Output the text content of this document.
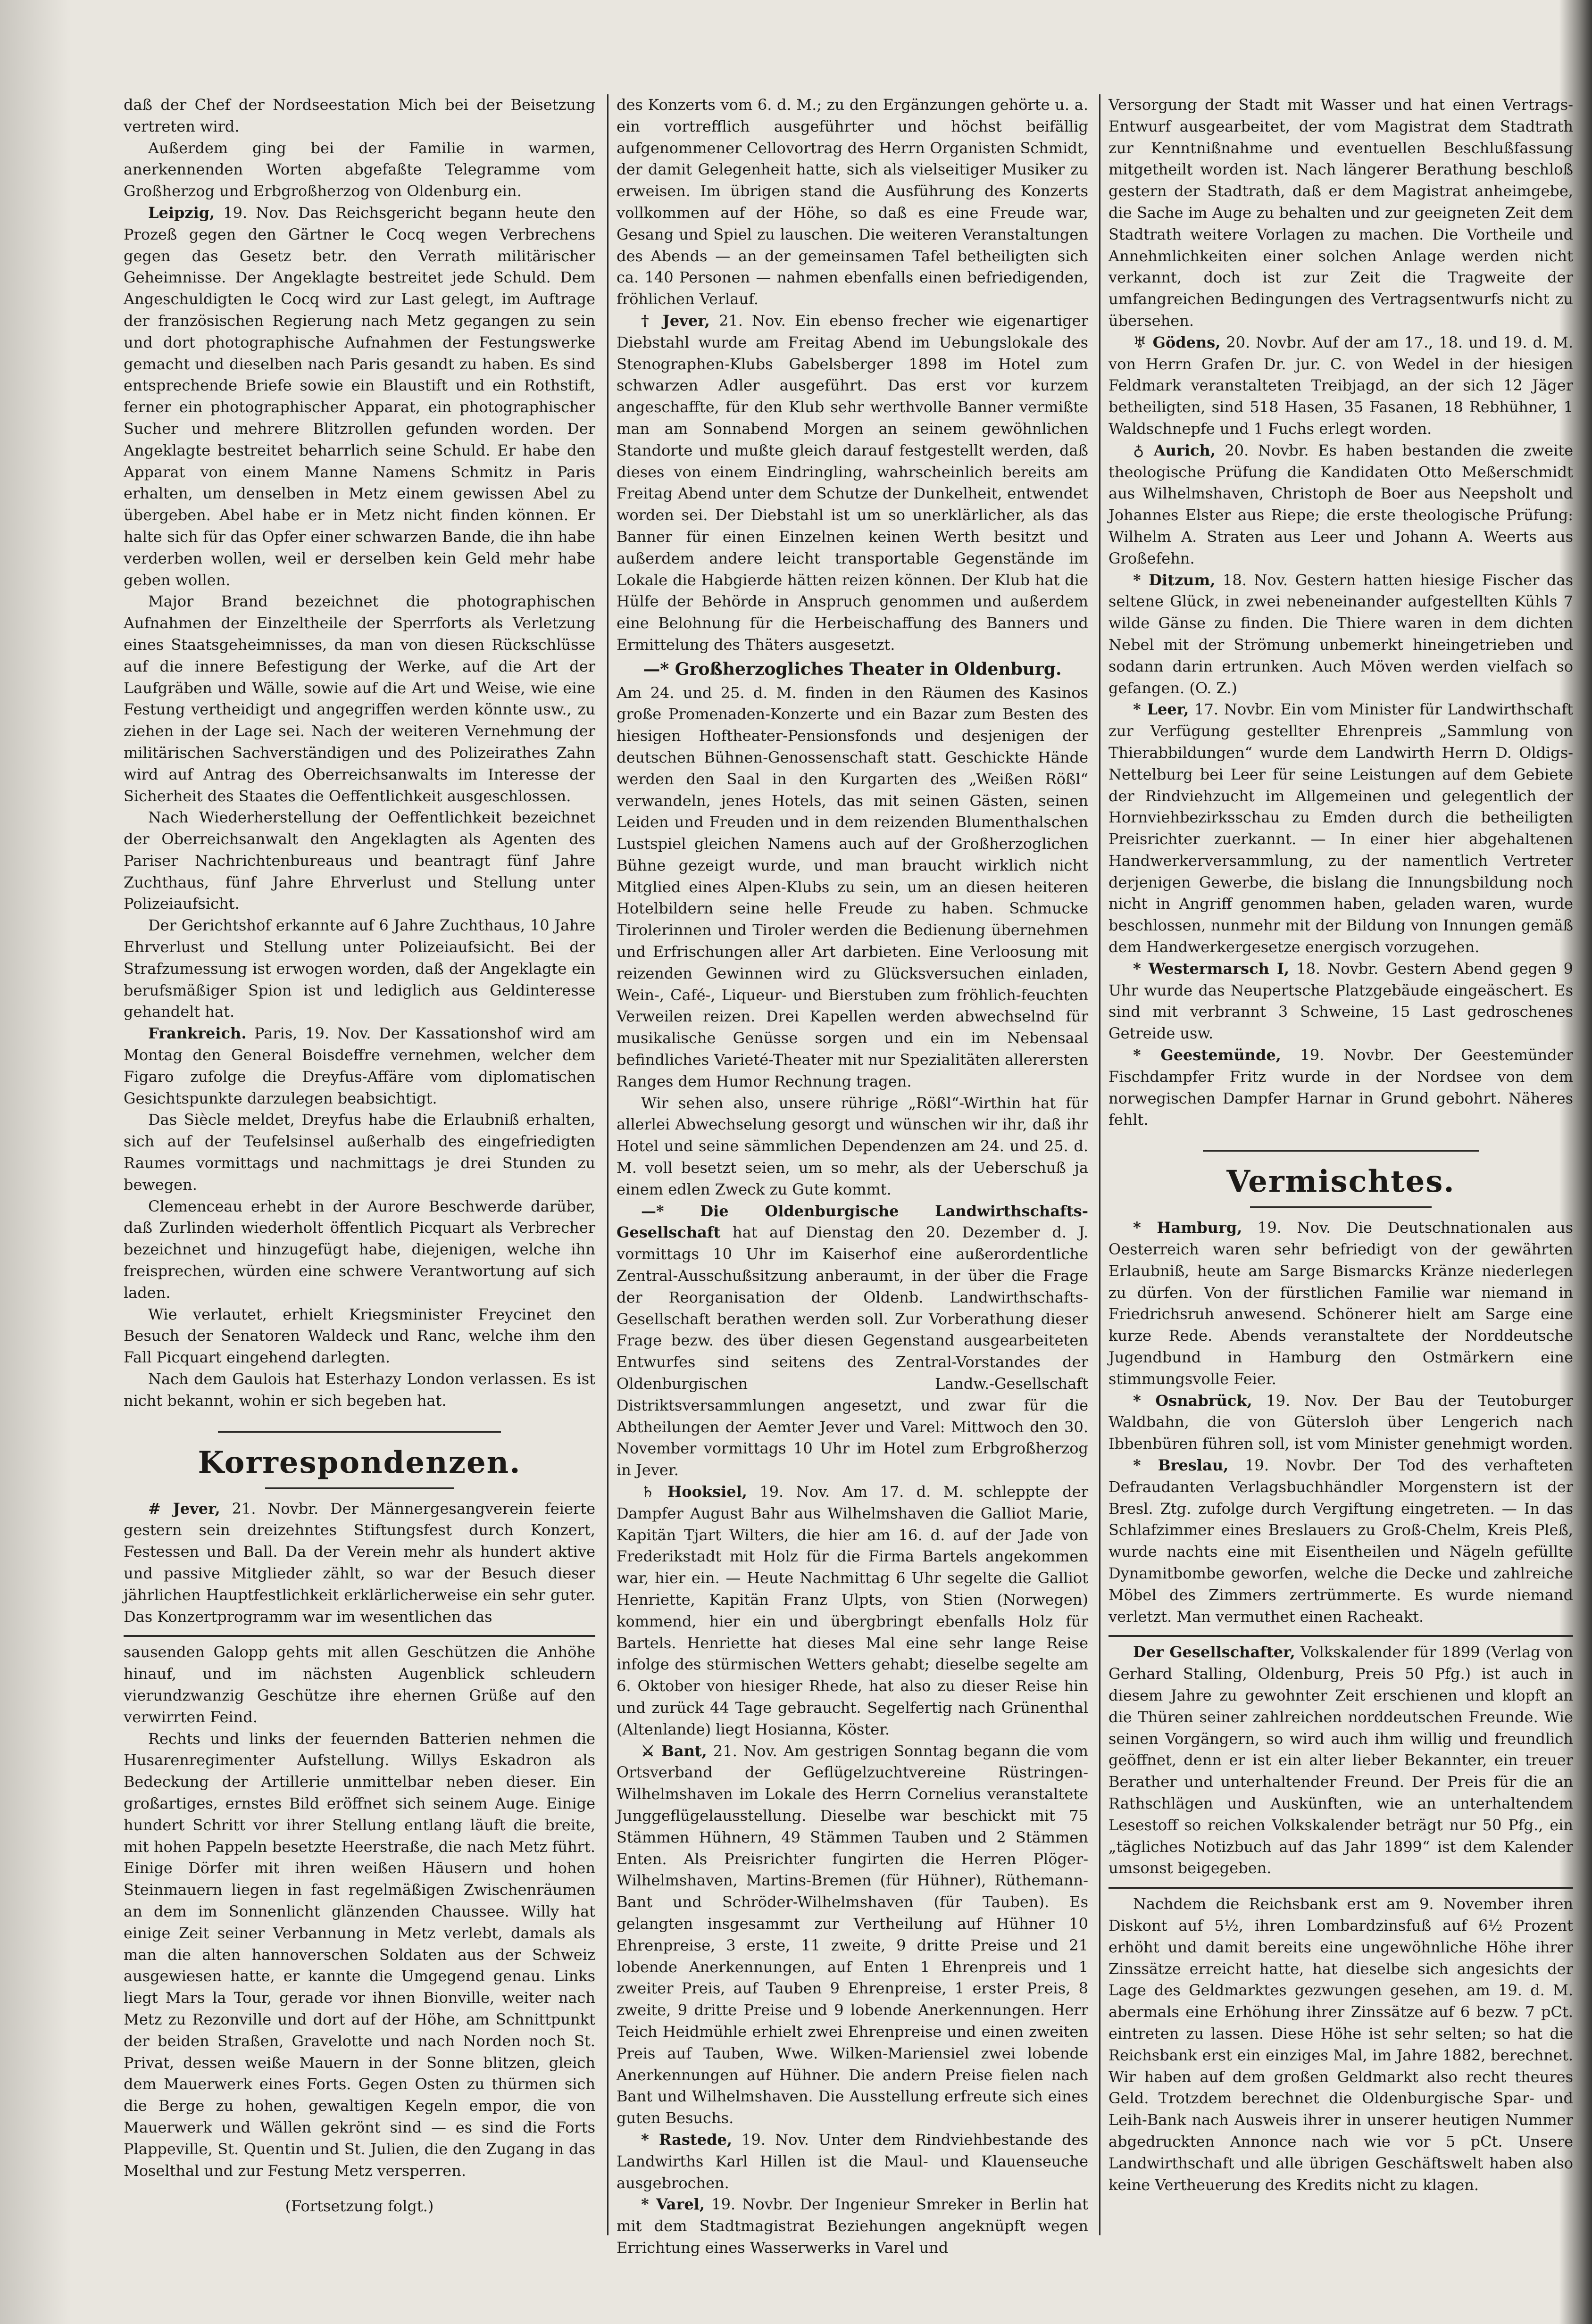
daß der Chef der Nordseestation Mich bei der Beisetzung vertreten wird.

Außerdem ging bei der Familie in warmen, anerkennenden Worten abgefaßte Telegramme vom Großherzog und Erbgroßherzog von Oldenburg ein.

Leipzig, 19. Nov. Das Reichsgericht begann heute den Prozeß gegen den Gärtner le Cocq wegen Verbrechens gegen das Gesetz betr. den Verrath militärischer Geheimnisse. Der Angeklagte bestreitet jede Schuld. Dem Angeschuldigten le Cocq wird zur Last gelegt, im Auftrage der französischen Regierung nach Metz gegangen zu sein und dort photographische Aufnahmen der Festungswerke gemacht und dieselben nach Paris gesandt zu haben. Es sind entsprechende Briefe sowie ein Blaustift und ein Rothstift, ferner ein photographischer Apparat, ein photographischer Sucher und mehrere Blitzrollen gefunden worden. Der Angeklagte bestreitet beharrlich seine Schuld. Er habe den Apparat von einem Manne Namens Schmitz in Paris erhalten, um denselben in Metz einem gewissen Abel zu übergeben. Abel habe er in Metz nicht finden können. Er halte sich für das Opfer einer schwarzen Bande, die ihn habe verderben wollen, weil er derselben kein Geld mehr habe geben wollen.

Major Brand bezeichnet die photographischen Aufnahmen der Einzeltheile der Sperrforts als Verletzung eines Staatsgeheimnisses, da man von diesen Rückschlüsse auf die innere Befestigung der Werke, auf die Art der Laufgräben und Wälle, sowie auf die Art und Weise, wie eine Festung vertheidigt und angegriffen werden könnte usw., zu ziehen in der Lage sei. Nach der weiteren Vernehmung der militärischen Sachverständigen und des Polizeirathes Zahn wird auf Antrag des Oberreichsanwalts im Interesse der Sicherheit des Staates die Oeffentlichkeit ausgeschlossen.

Nach Wiederherstellung der Oeffentlichkeit bezeichnet der Oberreichsanwalt den Angeklagten als Agenten des Pariser Nachrichtenbureaus und beantragt fünf Jahre Zuchthaus, fünf Jahre Ehrverlust und Stellung unter Polizeiaufsicht.

Der Gerichtshof erkannte auf 6 Jahre Zuchthaus, 10 Jahre Ehrverlust und Stellung unter Polizeiaufsicht. Bei der Strafzumessung ist erwogen worden, daß der Angeklagte ein berufsmäßiger Spion ist und lediglich aus Geldinteresse gehandelt hat.

Frankreich. Paris, 19. Nov. Der Kassationshof wird am Montag den General Boisdeffre vernehmen, welcher dem Figaro zufolge die Dreyfus-Affäre vom diplomatischen Gesichtspunkte darzulegen beabsichtigt.

Das Siècle meldet, Dreyfus habe die Erlaubniß erhalten, sich auf der Teufelsinsel außerhalb des eingefriedigten Raumes vormittags und nachmittags je drei Stunden zu bewegen.

Clemenceau erhebt in der Aurore Beschwerde darüber, daß Zurlinden wiederholt öffentlich Picquart als Verbrecher bezeichnet und hinzugefügt habe, diejenigen, welche ihn freisprechen, würden eine schwere Verantwortung auf sich laden.

Wie verlautet, erhielt Kriegsminister Freycinet den Besuch der Senatoren Waldeck und Ranc, welche ihm den Fall Picquart eingehend darlegten.

Nach dem Gaulois hat Esterhazy London verlassen. Es ist nicht bekannt, wohin er sich begeben hat.

Korrespondenzen.

# Jever, 21. Novbr. Der Männergesangverein feierte gestern sein dreizehntes Stiftungsfest durch Konzert, Festessen und Ball. Da der Verein mehr als hundert aktive und passive Mitglieder zählt, so war der Besuch dieser jährlichen Hauptfestlichkeit erklärlicherweise ein sehr guter. Das Konzertprogramm war im wesentlichen das

sausenden Galopp gehts mit allen Geschützen die Anhöhe hinauf, und im nächsten Augenblick schleudern vierundzwanzig Geschütze ihre ehernen Grüße auf den verwirrten Feind.

Rechts und links der feuernden Batterien nehmen die Husarenregimenter Aufstellung. Willys Eskadron als Bedeckung der Artillerie unmittelbar neben dieser. Ein großartiges, ernstes Bild eröffnet sich seinem Auge. Einige hundert Schritt vor ihrer Stellung entlang läuft die breite, mit hohen Pappeln besetzte Heerstraße, die nach Metz führt. Einige Dörfer mit ihren weißen Häusern und hohen Steinmauern liegen in fast regelmäßigen Zwischenräumen an dem im Sonnenlicht glänzenden Chaussee. Willy hat einige Zeit seiner Verbannung in Metz verlebt, damals als man die alten hannoverschen Soldaten aus der Schweiz ausgewiesen hatte, er kannte die Umgegend genau. Links liegt Mars la Tour, gerade vor ihnen Bionville, weiter nach Metz zu Rezonville und dort auf der Höhe, am Schnittpunkt der beiden Straßen, Gravelotte und nach Norden noch St. Privat, dessen weiße Mauern in der Sonne blitzen, gleich dem Mauerwerk eines Forts. Gegen Osten zu thürmen sich die Berge zu hohen, gewaltigen Kegeln empor, die von Mauerwerk und Wällen gekrönt sind — es sind die Forts Plappeville, St. Quentin und St. Julien, die den Zugang in das Moselthal und zur Festung Metz versperren.

(Fortsetzung folgt.)

des Konzerts vom 6. d. M.; zu den Ergänzungen gehörte u. a. ein vortrefflich ausgeführter und höchst beifällig aufgenommener Cellovortrag des Herrn Organisten Schmidt, der damit Gelegenheit hatte, sich als vielseitiger Musiker zu erweisen. Im übrigen stand die Ausführung des Konzerts vollkommen auf der Höhe, so daß es eine Freude war, Gesang und Spiel zu lauschen. Die weiteren Veranstaltungen des Abends — an der gemeinsamen Tafel betheiligten sich ca. 140 Personen — nahmen ebenfalls einen befriedigenden, fröhlichen Verlauf.

† Jever, 21. Nov. Ein ebenso frecher wie eigenartiger Diebstahl wurde am Freitag Abend im Uebungslokale des Stenographen-Klubs Gabelsberger 1898 im Hotel zum schwarzen Adler ausgeführt. Das erst vor kurzem angeschaffte, für den Klub sehr werthvolle Banner vermißte man am Sonnabend Morgen an seinem gewöhnlichen Standorte und mußte gleich darauf festgestellt werden, daß dieses von einem Eindringling, wahrscheinlich bereits am Freitag Abend unter dem Schutze der Dunkelheit, entwendet worden sei. Der Diebstahl ist um so unerklärlicher, als das Banner für einen Einzelnen keinen Werth besitzt und außerdem andere leicht transportable Gegenstände im Lokale die Habgierde hätten reizen können. Der Klub hat die Hülfe der Behörde in Anspruch genommen und außerdem eine Belohnung für die Herbeischaffung des Banners und Ermittelung des Thäters ausgesetzt.

—* Großherzogliches Theater in Oldenburg.

Am 24. und 25. d. M. finden in den Räumen des Kasinos große Promenaden-Konzerte und ein Bazar zum Besten des hiesigen Hoftheater-Pensionsfonds und desjenigen der deutschen Bühnen-Genossenschaft statt. Geschickte Hände werden den Saal in den Kurgarten des „Weißen Rößl“ verwandeln, jenes Hotels, das mit seinen Gästen, seinen Leiden und Freuden und in dem reizenden Blumenthalschen Lustspiel gleichen Namens auch auf der Großherzoglichen Bühne gezeigt wurde, und man braucht wirklich nicht Mitglied eines Alpen-Klubs zu sein, um an diesen heiteren Hotelbildern seine helle Freude zu haben. Schmucke Tirolerinnen und Tiroler werden die Bedienung übernehmen und Erfrischungen aller Art darbieten. Eine Verloosung mit reizenden Gewinnen wird zu Glücksversuchen einladen, Wein-, Café-, Liqueur- und Bierstuben zum fröhlich-feuchten Verweilen reizen. Drei Kapellen werden abwechselnd für musikalische Genüsse sorgen und ein im Nebensaal befindliches Varieté-Theater mit nur Spezialitäten allerersten Ranges dem Humor Rechnung tragen.

Wir sehen also, unsere rührige „Rößl“-Wirthin hat für allerlei Abwechselung gesorgt und wünschen wir ihr, daß ihr Hotel und seine sämmlichen Dependenzen am 24. und 25. d. M. voll besetzt seien, um so mehr, als der Ueberschuß ja einem edlen Zweck zu Gute kommt.

—* Die Oldenburgische Landwirthschafts-Gesellschaft hat auf Dienstag den 20. Dezember d. J. vormittags 10 Uhr im Kaiserhof eine außerordentliche Zentral-Ausschußsitzung anberaumt, in der über die Frage der Reorganisation der Oldenb. Landwirthschafts-Gesellschaft berathen werden soll. Zur Vorberathung dieser Frage bezw. des über diesen Gegenstand ausgearbeiteten Entwurfes sind seitens des Zentral-Vorstandes der Oldenburgischen Landw.-Gesellschaft Distriktsversammlungen angesetzt, und zwar für die Abtheilungen der Aemter Jever und Varel: Mittwoch den 30. November vormittags 10 Uhr im Hotel zum Erbgroßherzog in Jever.

♄ Hooksiel, 19. Nov. Am 17. d. M. schleppte der Dampfer August Bahr aus Wilhelmshaven die Galliot Marie, Kapitän Tjart Wilters, die hier am 16. d. auf der Jade von Frederikstadt mit Holz für die Firma Bartels angekommen war, hier ein. — Heute Nachmittag 6 Uhr segelte die Galliot Henriette, Kapitän Franz Ulpts, von Stien (Norwegen) kommend, hier ein und übergbringt ebenfalls Holz für Bartels. Henriette hat dieses Mal eine sehr lange Reise infolge des stürmischen Wetters gehabt; dieselbe segelte am 6. Oktober von hiesiger Rhede, hat also zu dieser Reise hin und zurück 44 Tage gebraucht. Segelfertig nach Grünenthal (Altenlande) liegt Hosianna, Köster.

⚔ Bant, 21. Nov. Am gestrigen Sonntag begann die vom Ortsverband der Geflügelzuchtvereine Rüstringen-Wilhelmshaven im Lokale des Herrn Cornelius veranstaltete Junggeflügelausstellung. Dieselbe war beschickt mit 75 Stämmen Hühnern, 49 Stämmen Tauben und 2 Stämmen Enten. Als Preisrichter fungirten die Herren Plöger-Wilhelmshaven, Martins-Bremen (für Hühner), Rüthemann-Bant und Schröder-Wilhelmshaven (für Tauben). Es gelangten insgesammt zur Vertheilung auf Hühner 10 Ehrenpreise, 3 erste, 11 zweite, 9 dritte Preise und 21 lobende Anerkennungen, auf Enten 1 Ehrenpreis und 1 zweiter Preis, auf Tauben 9 Ehrenpreise, 1 erster Preis, 8 zweite, 9 dritte Preise und 9 lobende Anerkennungen. Herr Teich Heidmühle erhielt zwei Ehrenpreise und einen zweiten Preis auf Tauben, Wwe. Wilken-Mariensiel zwei lobende Anerkennungen auf Hühner. Die andern Preise fielen nach Bant und Wilhelmshaven. Die Ausstellung erfreute sich eines guten Besuchs.

* Rastede, 19. Nov. Unter dem Rindviehbestande des Landwirths Karl Hillen ist die Maul- und Klauenseuche ausgebrochen.

* Varel, 19. Novbr. Der Ingenieur Smreker in Berlin hat mit dem Stadtmagistrat Beziehungen angeknüpft wegen Errichtung eines Wasserwerks in Varel und

Versorgung der Stadt mit Wasser und hat einen Vertrags-Entwurf ausgearbeitet, der vom Magistrat dem Stadtrath zur Kenntnißnahme und eventuellen Beschlußfassung mitgetheilt worden ist. Nach längerer Berathung beschloß gestern der Stadtrath, daß er dem Magistrat anheimgebe, die Sache im Auge zu behalten und zur geeigneten Zeit dem Stadtrath weitere Vorlagen zu machen. Die Vortheile und Annehmlichkeiten einer solchen Anlage werden nicht verkannt, doch ist zur Zeit die Tragweite der umfangreichen Bedingungen des Vertragsentwurfs nicht zu übersehen.

♅ Gödens, 20. Novbr. Auf der am 17., 18. und 19. d. M. von Herrn Grafen Dr. jur. C. von Wedel in der hiesigen Feldmark veranstalteten Treibjagd, an der sich 12 Jäger betheiligten, sind 518 Hasen, 35 Fasanen, 18 Rebhühner, 1 Waldschnepfe und 1 Fuchs erlegt worden.

♁ Aurich, 20. Novbr. Es haben bestanden die zweite theologische Prüfung die Kandidaten Otto Meßerschmidt aus Wilhelmshaven, Christoph de Boer aus Neepsholt und Johannes Elster aus Riepe; die erste theologische Prüfung: Wilhelm A. Straten aus Leer und Johann A. Weerts aus Großefehn.

* Ditzum, 18. Nov. Gestern hatten hiesige Fischer das seltene Glück, in zwei nebeneinander aufgestellten Kühls 7 wilde Gänse zu finden. Die Thiere waren in dem dichten Nebel mit der Strömung unbemerkt hineingetrieben und sodann darin ertrunken. Auch Möven werden vielfach so gefangen. (O. Z.)

* Leer, 17. Novbr. Ein vom Minister für Landwirthschaft zur Verfügung gestellter Ehrenpreis „Sammlung von Thierabbildungen“ wurde dem Landwirth Herrn D. Oldigs-Nettelburg bei Leer für seine Leistungen auf dem Gebiete der Rindviehzucht im Allgemeinen und gelegentlich der Hornviehbezirksschau zu Emden durch die betheiligten Preisrichter zuerkannt. — In einer hier abgehaltenen Handwerkerversammlung, zu der namentlich Vertreter derjenigen Gewerbe, die bislang die Innungsbildung noch nicht in Angriff genommen haben, geladen waren, wurde beschlossen, nunmehr mit der Bildung von Innungen gemäß dem Handwerkergesetze energisch vorzugehen.

* Westermarsch I, 18. Novbr. Gestern Abend gegen 9 Uhr wurde das Neupertsche Platzgebäude eingeäschert. Es sind mit verbrannt 3 Schweine, 15 Last gedroschenes Getreide usw.

* Geestemünde, 19. Novbr. Der Geestemünder Fischdampfer Fritz wurde in der Nordsee von dem norwegischen Dampfer Harnar in Grund gebohrt. Näheres fehlt.

Vermischtes.

* Hamburg, 19. Nov. Die Deutschnationalen aus Oesterreich waren sehr befriedigt von der gewährten Erlaubniß, heute am Sarge Bismarcks Kränze niederlegen zu dürfen. Von der fürstlichen Familie war niemand in Friedrichsruh anwesend. Schönerer hielt am Sarge eine kurze Rede. Abends veranstaltete der Norddeutsche Jugendbund in Hamburg den Ostmärkern eine stimmungsvolle Feier.

* Osnabrück, 19. Nov. Der Bau der Teutoburger Waldbahn, die von Gütersloh über Lengerich nach Ibbenbüren führen soll, ist vom Minister genehmigt worden.

* Breslau, 19. Novbr. Der Tod des verhafteten Defraudanten Verlagsbuchhändler Morgenstern ist der Bresl. Ztg. zufolge durch Vergiftung eingetreten. — In das Schlafzimmer eines Breslauers zu Groß-Chelm, Kreis Pleß, wurde nachts eine mit Eisentheilen und Nägeln gefüllte Dynamitbombe geworfen, welche die Decke und zahlreiche Möbel des Zimmers zertrümmerte. Es wurde niemand verletzt. Man vermuthet einen Racheakt.

Der Gesellschafter, Volkskalender für 1899 (Verlag von Gerhard Stalling, Oldenburg, Preis 50 Pfg.) ist auch in diesem Jahre zu gewohnter Zeit erschienen und klopft an die Thüren seiner zahlreichen norddeutschen Freunde. Wie seinen Vorgängern, so wird auch ihm willig und freundlich geöffnet, denn er ist ein alter lieber Bekannter, ein treuer Berather und unterhaltender Freund. Der Preis für die an Rathschlägen und Auskünften, wie an unterhaltendem Lesestoff so reichen Volkskalender beträgt nur 50 Pfg., ein „tägliches Notizbuch auf das Jahr 1899“ ist dem Kalender umsonst beigegeben.

Nachdem die Reichsbank erst am 9. November ihren Diskont auf 5½, ihren Lombardzinsfuß auf 6½ Prozent erhöht und damit bereits eine ungewöhnliche Höhe ihrer Zinssätze erreicht hatte, hat dieselbe sich angesichts der Lage des Geldmarktes gezwungen gesehen, am 19. d. M. abermals eine Erhöhung ihrer Zinssätze auf 6 bezw. 7 pCt. eintreten zu lassen. Diese Höhe ist sehr selten; so hat die Reichsbank erst ein einziges Mal, im Jahre 1882, berechnet. Wir haben auf dem großen Geldmarkt also recht theures Geld. Trotzdem berechnet die Oldenburgische Spar- und Leih-Bank nach Ausweis ihrer in unserer heutigen Nummer abgedruckten Annonce nach wie vor 5 pCt. Unsere Landwirthschaft und alle übrigen Geschäftswelt haben also keine Vertheuerung des Kredits nicht zu klagen.
